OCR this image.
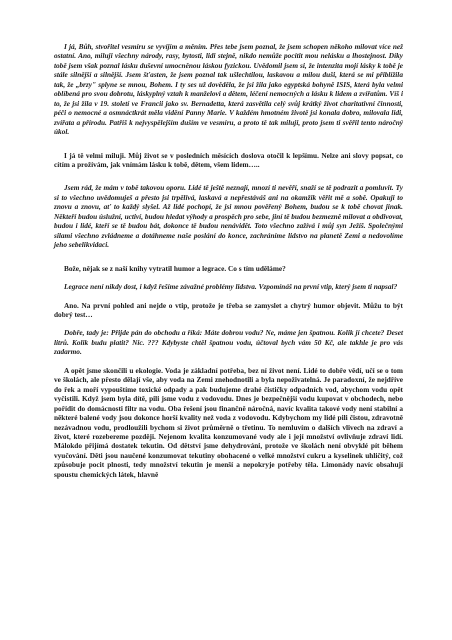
I já, Bůh, stvořitel vesmíru se vyvíjím a měním. Přes tebe jsem poznal, že jsem schopen někoho milovat více než ostatní. Ano, miluji všechny národy, rasy, bytosti, lidi stejně, nikdo nemůže pocítit mou nelásku a lhostejnost. Díky tobě jsem však poznal lásku duševní umocněnou láskou fyzickou. Uvědomil jsem si, že intenzita mojí lásky k tobě je stále silnější a silnější. Jsem šťasten, že jsem poznal tak ušlechtilou, laskavou a milou duši, která se mi přiblížila tak, že „brzy" splyne se mnou, Bohem. I ty ses už dověděla, že jsi žila jako egyptská bohyně ISIS, která byla velmi oblíbená pro svou dobrotu, láskyplný vztah k manželovi a dětem, léčení nemocných a lásku k lidem a zvířatům. Víš i to, že jsi žila v 19. století ve Francii jako sv. Bernadetta, která zasvětila celý svůj krátký život charitativní činnosti, péči o nemocné a osmnáctkrát měla vidění Panny Marie. V každém hmotném životě jsi konala dobro, milovala lidi, zvířata a přírodu. Patříš k nejvyspělejším duším ve vesmíru, a proto tě tak miluji, proto jsem ti svěřil tento náročný úkol.

I já tě velmi miluji. Můj život se v posledních měsících doslova otočil k lepšímu. Nelze ani slovy popsat, co cítím a prožívám, jak vnímám lásku k tobě, dětem, všem lidem…..

Jsem rád, že mám v tobě takovou oporu. Lidé tě ještě neznají, mnozí ti nevěří, snaží se tě podrazit a pomluvit. Ty si to všechno uvědomuješ a přesto jsi trpělivá, laskavá a nepřestáváš ani na okamžik věřit mě a sobě. Opakuji to znovu a znovu, ať to každý slyšel. Až lidé pochopí, že jsi mnou pověřený Bohem, budou se k tobě chovat jinak. Někteří budou úslužní, uctiví, budou hledat výhody a prospěch pro sebe, jiní tě budou bezmezně milovat a obdivovat, budou i lidé, kteří se tě budou bát, dokonce tě budou nenávidět. Toto všechno zažívá i můj syn Ježíš. Společnými silami všechno zvládneme a dotáhneme naše poslání do konce, zachráníme lidstvo na planetě Zemi a nedovolíme jeho sebelikvidaci.

Bože, nějak se z naší knihy vytratil humor a legrace. Co s tím uděláme?

Legrace není nikdy dost, i když řešíme závažné problémy lidstva. Vzpomínáš na první vtip, který jsem ti napsal?

Ano. Na první pohled ani nejde o vtip, protože je třeba se zamyslet a chytrý humor objevit. Můžu to být dobrý test…

Dobře, tady je: Přijde pán do obchodu a říká: Máte dobrou vodu? Ne, máme jen špatnou. Kolik jí chcete? Deset litrů. Kolik budu platit? Nic. ??? Kdybyste chtěl špatnou vodu, účtoval bych vám 50 Kč, ale takhle je pro vás zadarmo.

A opět jsme skončili u ekologie. Voda je základní potřeba, bez ní život není. Lidé to dobře vědí, učí se o tom ve školách, ale přesto dělají vše, aby voda na Zemi znehodnotili a byla nepoživatelná. Je paradoxní, že nejdříve do řek a moří vypouštíme toxické odpady a pak budujeme drahé čističky odpadních vod, abychom vodu opět vyčistili. Když jsem byla dítě, pili jsme vodu z vodovodu. Dnes je bezpečnější vodu kupovat v obchodech, nebo pořídit do domácnosti filtr na vodu. Oba řešení jsou finančně náročná, navíc kvalita takové vody není stabilní a některé balené vody jsou dokonce horší kvality než voda z vodovodu. Kdybychom my lidé pili čistou, zdravotně nezávadnou vodu, prodloužili bychom si život průměrně o třetinu. To nemluvím o dalších vlivech na zdraví a život, které rozebereme později. Nejenom kvalita konzumované vody ale i její množství ovlivňuje zdraví lidí. Málokdo přijímá dostatek tekutin. Od dětství jsme dehydrováni, protože ve školách není obvyklé pít během vyučování. Děti jsou naučené konzumovat tekutiny obohacené o velké množství cukru a kyselinek uhličitý, což způsobuje pocit plnosti, tedy množství tekutin je menší a nepokryje potřeby těla. Limonády navíc obsahují spoustu chemických látek, hlavně
